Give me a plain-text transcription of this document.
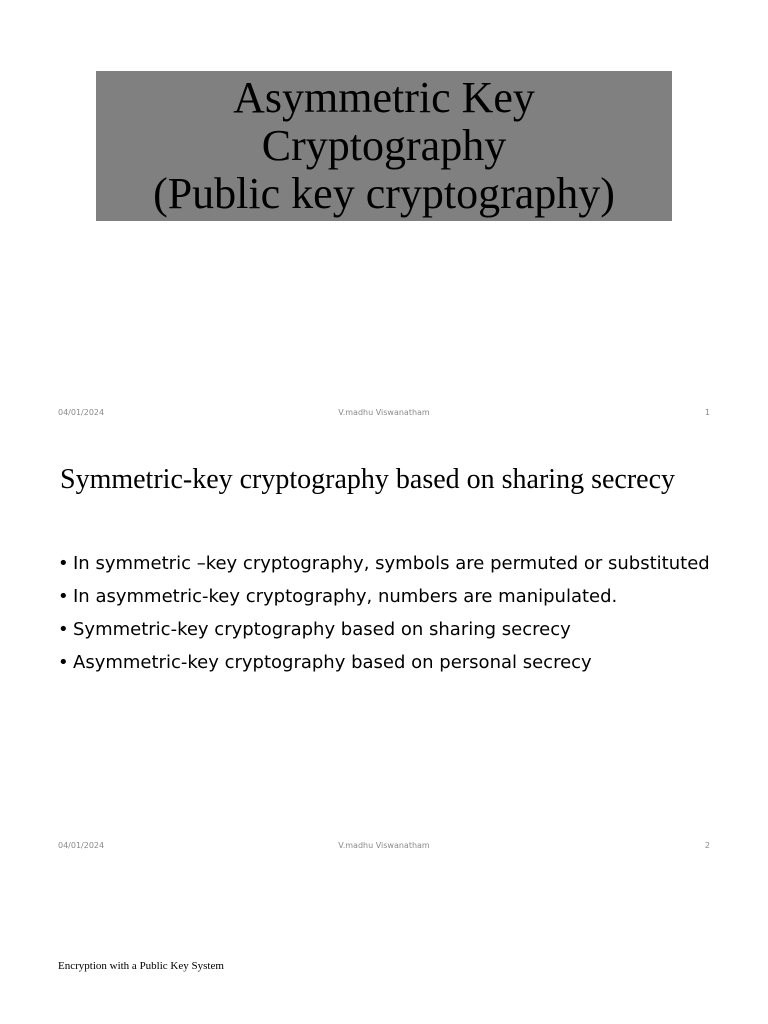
Asymmetric Key
Cryptography
(Public key cryptography)
04/01/2024	V.madhu Viswanatham	1
Symmetric-key cryptography based on sharing secrecy
• In symmetric –key cryptography, symbols are permuted or substituted
• In asymmetric-key cryptography, numbers are manipulated.
• Symmetric-key cryptography based on sharing secrecy
• Asymmetric-key cryptography based on personal secrecy
04/01/2024	V.madhu Viswanatham	2
Encryption with a Public Key System
